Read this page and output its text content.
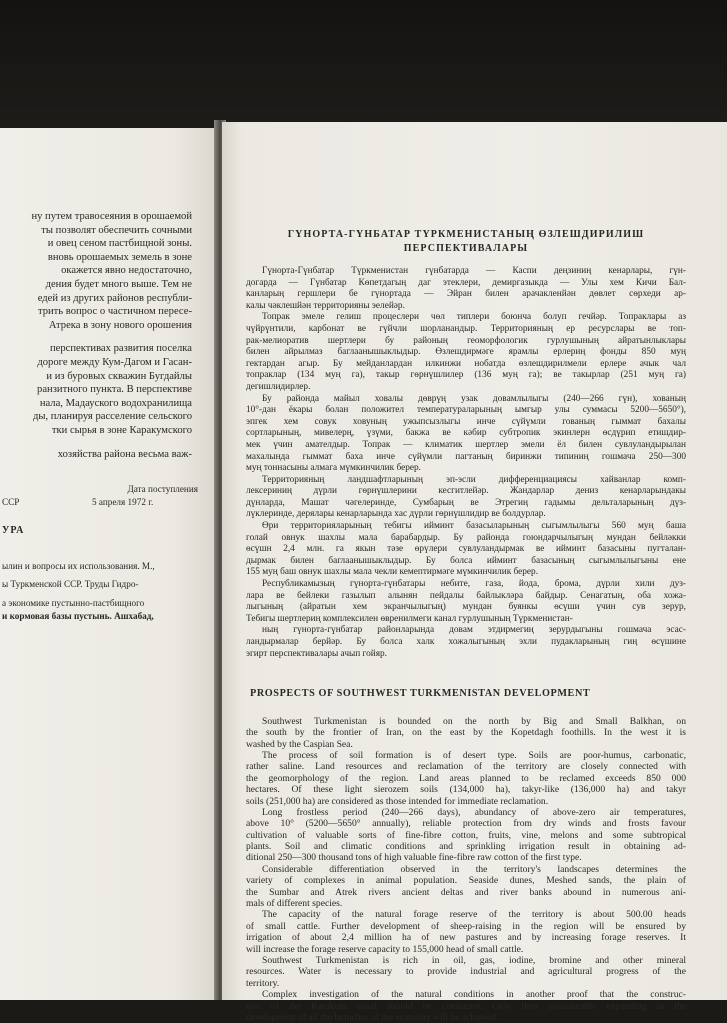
ну путем травосеяния в орошаемой
ты позволят обеспечить сочными
и овец сеном пастбищной зоны.
вновь орошаемых земель в зоне
окажется явно недостаточно,
дения будет много выше. Тем не
едей из других районов республи-
трить вопрос о частичном пересе-
Атрека в зону нового орошения
перспективах развития поселка
дороге между Кум-Дагом и Гасан-
и из буровых скважин Бугдайлы
ранзитного пункта. В перспективе
нала, Мадауского водохранилища
ды, планируя расселение сельского
тки сырья в зоне Каракумского
хозяйства района весьма важ-
Дата поступления
ССР	5 апреля 1972 г.
УРА
ылин и вопросы их использования. М.,
ы Туркменской ССР. Труды Гидро-
а экономике пустынно-пастбищного
и кормовая базы пустынь. Ашхабад,
ГҮНОРТА-ГҮНБАТАР ТҮРКМЕНИСТАНЫҢ ӨЗЛЕШДИРИЛИШ
ПЕРСПЕКТИВАЛАРЫ
Гүнорта-Гүнбатар Түркменистан гүнбатарда — Каспи деңзиниң кенарлары, гүн-
догарда — Гүнбатар Көпетдагың даг этеклери, демиргазыкда — Улы хем Кичи Бал-
канларың гершлери бе гүнортада — Эйран билен арачакленйән дөвлет сөрхеди ар-
калы чәклешйән территорияны эелейәр.
Топрак эмеле гелиш процеслери чөл типлери боюнча болуп гечйәр. Топраклары аз
чүйрүнтили, карбонат ве гүйчли шорланандыр. Территорияның ер ресурслары ве топ-
рак-мелиоратив шертлери бу районың геоморфологик гурлушының айратынлыклары
билен айрылмаз баглаанышыклыдыр. Өзлешдирмәге ярамлы ерлериң фонды 850 муң
гектардан агыр. Бу мейданлардан илкинжи нобатда өзлешдирилмели ерлере ачык чал
топраклар (134 муң га), такыр гөрнүшлилер (136 муң га); ве такырлар (251 муң га)
дегишлидирлер.
Бу районда майыл ховалы дөврүң узак довамлылыгы (240—266 гүн), хованың
10°-дан ёкары болан положител температураларының ымгыр улы суммасы 5200—5650°),
эпгек хем совук ховуның ужыпсызлыгы инче сүйүмли гованың гыммат бахалы
сортларының, мивелерң, үзүми, бакжа ве кәбир субтропик экинлерн өсдүрип етишдир-
мек үчин амателдыр. Топрак — климатик шертлер эмели ёл билен сувлуландырылан
махалында гыммат баха инче сүйүмли пагтаның биринжи типиниң гошмача 250—300
муң тоннасыны алмага мүмкинчилик берер.
Территорияның ландшафтларының эп-эсли дифференциациясы хайванлар комп-
лексериниң дүрли гөрнүшлерини кесгитлейәр. Жандарлар дениз кенарларындакы
дүнларда, Машат чәгелеринде, Сумбарың ве Этрегиң гадымы дельталарының дүз-
лүклеринде, дерялары кенарларында хас дүрли гөрнүшлидир ве болдурлар.
Өри территорияларының тебигы ийминт базасыларының сыгымлылыгы 560 муң баша
голай овнук шахлы мала барабардыр. Бу районда гоюндарчылыгың мундан бейләкки
өсүшн 2,4 млн. га якын тәзе өрүлери сувлуландырмак ве ийминт базасыны пугталан-
дырмак билен баглаанышыклыдыр. Бу болса ийминт базасының сыгымлылыгыны ене
155 муң баш овнук шахлы мала чекли кемептирмәге мүмкинчилик берер.
Республикамызың гүнорта-гүнбатары небите, газа, йода, брома, дүрли хили дуз-
лара ве бейлеки газылып алынян пейдалы байлыкләра байдыр. Сенагатың, оба хожа-
лыгының (айратын хем экранчылыгың) мундан буянкы өсүши үчин сув зерур,
Тебигы шертлериң комплексилен өвренилмеги канал гурлушының Түркменистан-
ның гүнорта-гүнбатар районларында довам этдирмегиң зерурдыгыны гошмача эсас-
ландырмалар берйәр. Бу болса халк хожалыгының эхли пудакларының гиң өсүшине
эгирт перспективалары ачып гойяр.
PROSPECTS OF SOUTHWEST TURKMENISTAN DEVELOPMENT
Southwest Turkmenistan is bounded on the north by Big and Small Balkhan, on
the south by the frontier of Iran, on the east by the Kopetdagh foothills. In the west it is
washed by the Caspian Sea.
The process of soil formation is of desert type. Soils are poor-humus, carbonatic,
rather saline. Land resources and reclamation of the territory are closely connected with
the geomorphology of the region. Land areas planned to be reclamed exceeds 850 000
hectares. Of these light sierozem soils (134,000 ha), takyr-like (136,000 ha) and takyr
soils (251,000 ha) are considered as those intended for immediate reclamation.
Long frostless period (240—266 days), abundancy of above-zero air temperatures,
above 10° (5200—5650° annually), reliable protection from dry winds and frosts favour
cultivation of valuable sorts of fine-fibre cotton, fruits, vine, melons and some subtropical
plants. Soil and climatic conditions and sprinkling irrigation result in obtaining ad-
ditional 250—300 thousand tons of high valuable fine-fibre raw cotton of the first type.
Considerable differentiation observed in the territory's landscapes determines the
variety of complexes in animal population. Seaside dunes, Meshed sands, the plain of
the Sumbar and Atrek rivers ancient deltas and river banks abound in numerous ani-
mals of different species.
The capacity of the natural forage reserve of the territory is about 500.00 heads
of small cattle. Further development of sheep-raising in the region will be ensured by
irrigation of about 2,4 million ha of new pastures and by increasing forage reserves. It
will increase the forage reserve capacity to 155,000 head of small cattle.
Southwest Turkmenistan is rich in oil, gas, iodine, bromine and other mineral
resources. Water is necessary to provide industrial and agricultural progress of the
territory.
Complex investigation of the natural conditions in another proof that the construc-
tion of the Karakum canal should be continued. Only then considerable expanding in the
development of all the branches of the economy will be achieved.
